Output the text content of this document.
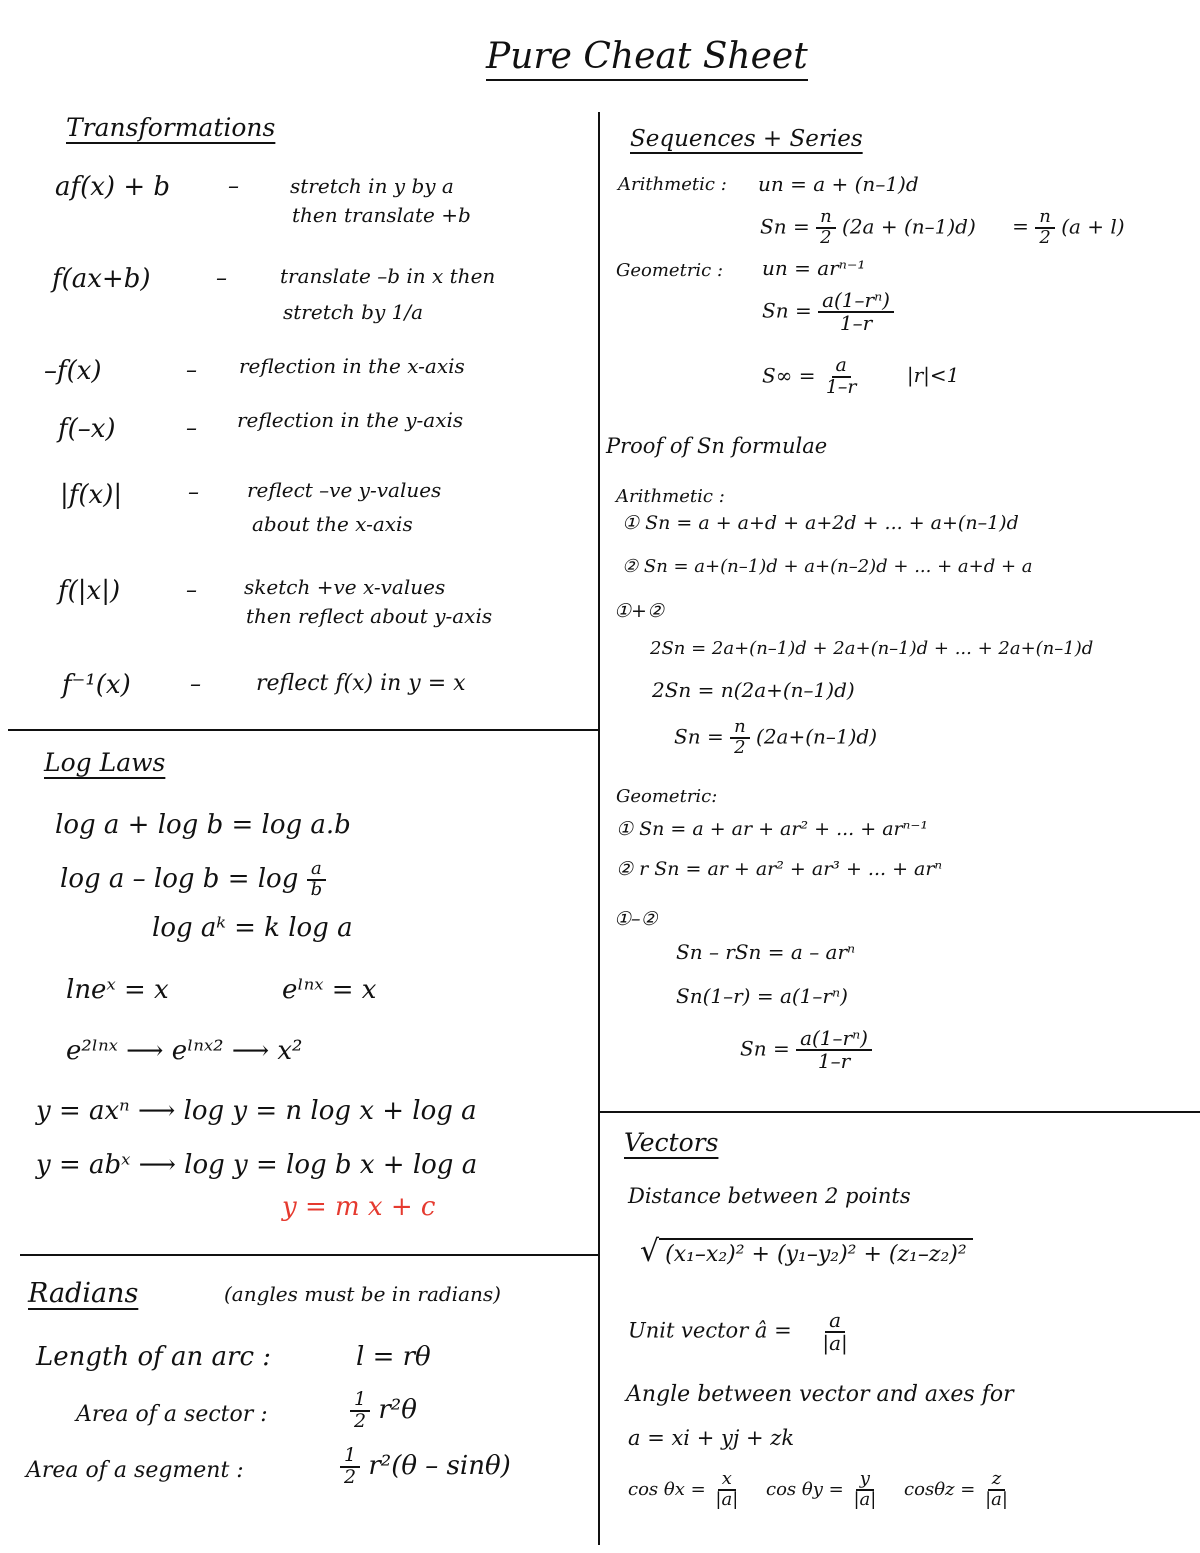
Pure Cheat Sheet
Transformations
af(x) + b	–	stretch in y by a
then translate +b
f(ax+b)	–	translate –b in x then
stretch by 1/a
–f(x)	– reflection in the x-axis
f(–x)	– reflection in the y-axis
|f(x)|	– reflect –ve y-values
about the x-axis
f(|x|)	– sketch +ve x-values
then reflect about y-axis
f⁻¹(x)	–	reflect f(x) in y = x
Log Laws
log a + log b = log a.b
$\log a - \log b = \log \frac{a}{b}$
log aᵏ = k log a
lneˣ = x	eˡⁿˣ = x
e²ˡⁿˣ ⟶ eˡⁿˣ² ⟶ x²
y = axⁿ ⟶ log y = n log x + log a
y = abˣ ⟶ log y = log b x + log a
y = m x + c
Radians	(angles must be in radians)
Length of an arc :	l = rθ
Area of a sector :	$\frac{1}{2} r^2\theta$
Area of a segment :	$\frac{1}{2} r^2(\theta - \sin\theta)$
Sequences + Series
Arithmetic : un = a + (n–1)d
$Sn = \frac{n}{2} (2a + (n-1)d) = \frac{n}{2} (a + l)$
Geometric : un = arⁿ⁻¹
$Sn = \frac{\text{a(1–rⁿ)}}{1-r}$
$S\infty = \frac{a}{1-r} |r|<1$
Proof of Sn formulae
Arithmetic :
① Sn = a + a+d + a+2d + ... + a+(n–1)d
② Sn = a+(n–1)d + a+(n–2)d + ... + a+d + a
①+②
2Sn = 2a+(n–1)d + 2a+(n–1)d + ... + 2a+(n–1)d
2Sn = n(2a+(n–1)d)
$Sn = \frac{n}{2} (2a+(n-1)d)$
Geometric:
① Sn = a + ar + ar² + ... + arⁿ⁻¹
② r Sn = ar + ar² + ar³ + ... + arⁿ
①–②
Sn – rSn = a – arⁿ
Sn(1–r) = a(1–rⁿ)
$Sn = \frac{\text{a(1–rⁿ)}}{1-r}$
Vectors
Distance between 2 points
√ (x₁–x₂)² + (y₁–y₂)² + (z₁–z₂)²
Unit vector â = $\frac{a}{|a|}$
Angle between vector and axes for
a = xi + yj + zk
$\cos \theta x = \frac{x}{|a|}$ $\cos \theta y = \frac{y}{|a|}$ $\cos\theta z = \frac{z}{|a|}$
